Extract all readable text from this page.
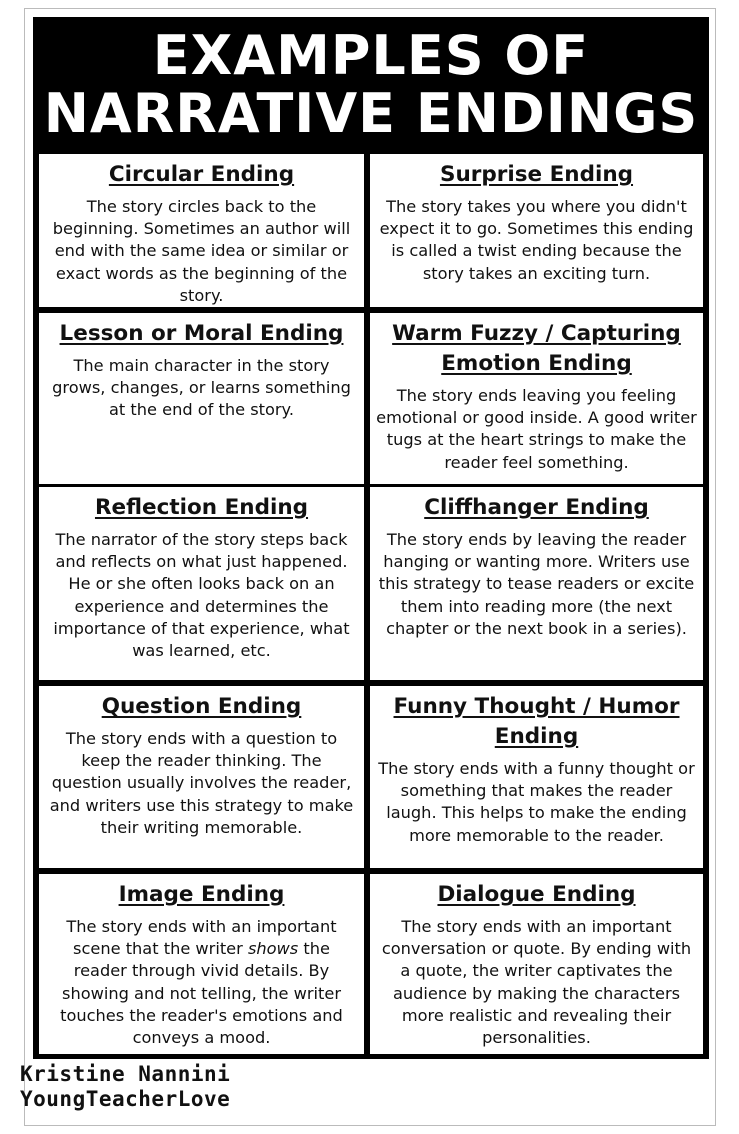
EXAMPLES OF
NARRATIVE ENDINGS
Circular Ending

The story circles back to the beginning. Sometimes an author will end with the same idea or similar or exact words as the beginning of the story.

Surprise Ending

The story takes you where you didn't expect it to go. Sometimes this ending is called a twist ending because the story takes an exciting turn.

Lesson or Moral Ending

The main character in the story grows, changes, or learns something at the end of the story.

Warm Fuzzy / Capturing Emotion Ending

The story ends leaving you feeling emotional or good inside. A good writer tugs at the heart strings to make the reader feel something.

Reflection Ending

The narrator of the story steps back and reflects on what just happened. He or she often looks back on an experience and determines the importance of that experience, what was learned, etc.

Cliffhanger Ending

The story ends by leaving the reader hanging or wanting more. Writers use this strategy to tease readers or excite them into reading more (the next chapter or the next book in a series).

Question Ending

The story ends with a question to keep the reader thinking. The question usually involves the reader, and writers use this strategy to make their writing memorable.

Funny Thought / Humor Ending

The story ends with a funny thought or something that makes the reader laugh. This helps to make the ending more memorable to the reader.

Image Ending

The story ends with an important scene that the writer shows the reader through vivid details. By showing and not telling, the writer touches the reader's emotions and conveys a mood.

Dialogue Ending

The story ends with an important conversation or quote. By ending with a quote, the writer captivates the audience by making the characters more realistic and revealing their personalities.

Kristine Nannini
YoungTeacherLove
